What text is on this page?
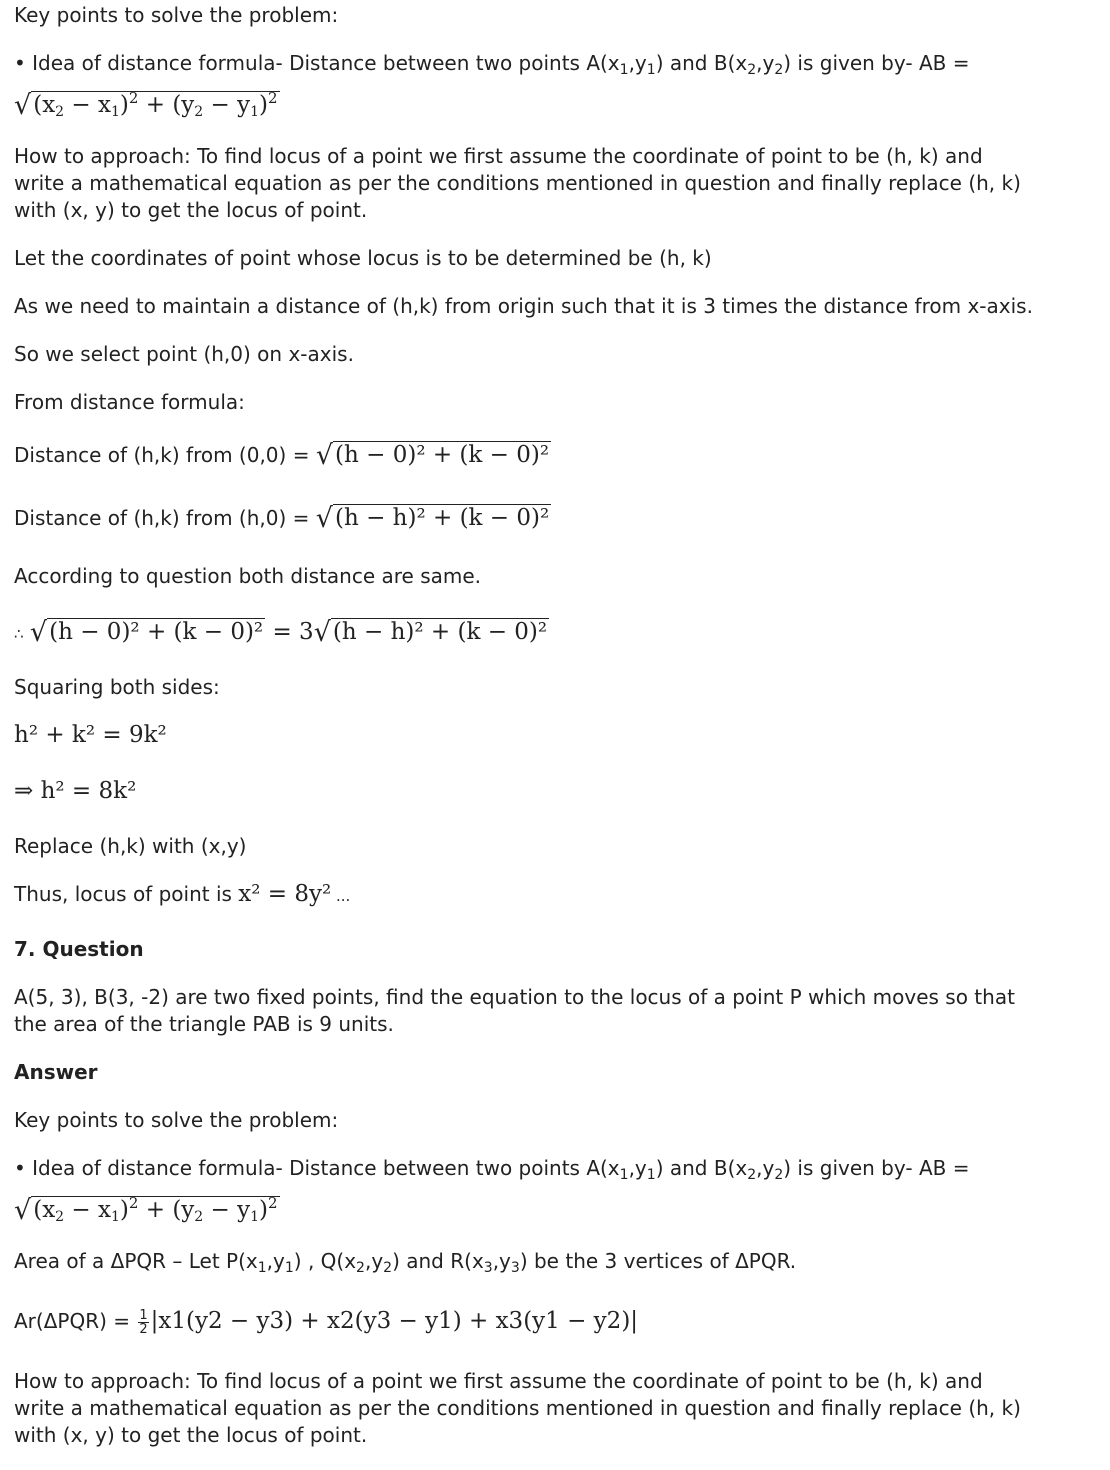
Key points to solve the problem:
• Idea of distance formula- Distance between two points $A(x_1,y_1)$ and $B(x_2,y_2)$ is given by- AB =
$√(x_2 - x_1)^2 + (y_2 - y_1)^2$
How to approach: To find locus of a point we first assume the coordinate of point to be (h, k) and
write a mathematical equation as per the conditions mentioned in question and finally replace (h, k)
with (x, y) to get the locus of point.
Let the coordinates of point whose locus is to be determined be (h, k)
As we need to maintain a distance of (h,k) from origin such that it is 3 times the distance from x-axis.
So we select point (h,0) on x-axis.
From distance formula:
Distance of (h,k) from (0,0) = √(h − 0)² + (k − 0)²
Distance of (h,k) from (h,0) = √(h − h)² + (k − 0)²
According to question both distance are same.
∴ √(h − 0)² + (k − 0)² = 3√(h − h)² + (k − 0)²
Squaring both sides:
h² + k² = 9k²
⇒ h² = 8k²
Replace (h,k) with (x,y)
Thus, locus of point is x² = 8y² ...
7. Question
A(5, 3), B(3, -2) are two fixed points, find the equation to the locus of a point P which moves so that
the area of the triangle PAB is 9 units.
Answer
Key points to solve the problem:
• Idea of distance formula- Distance between two points $A(x_1,y_1)$ and $B(x_2,y_2)$ is given by- AB =
$√(x_2 - x_1)^2 + (y_2 - y_1)^2$
Area of a ΔPQR – Let $P(x_1,y_1)$ , $Q(x_2,y_2)$ and $R(x_3,y_3)$ be the 3 vertices of ΔPQR.
$Ar(\Delta PQR) = \frac{1}{2} |x1(y2 - y3) + x2(y3 - y1) + x3(y1 - y2)|$
How to approach: To find locus of a point we first assume the coordinate of point to be (h, k) and
write a mathematical equation as per the conditions mentioned in question and finally replace (h, k)
with (x, y) to get the locus of point.
